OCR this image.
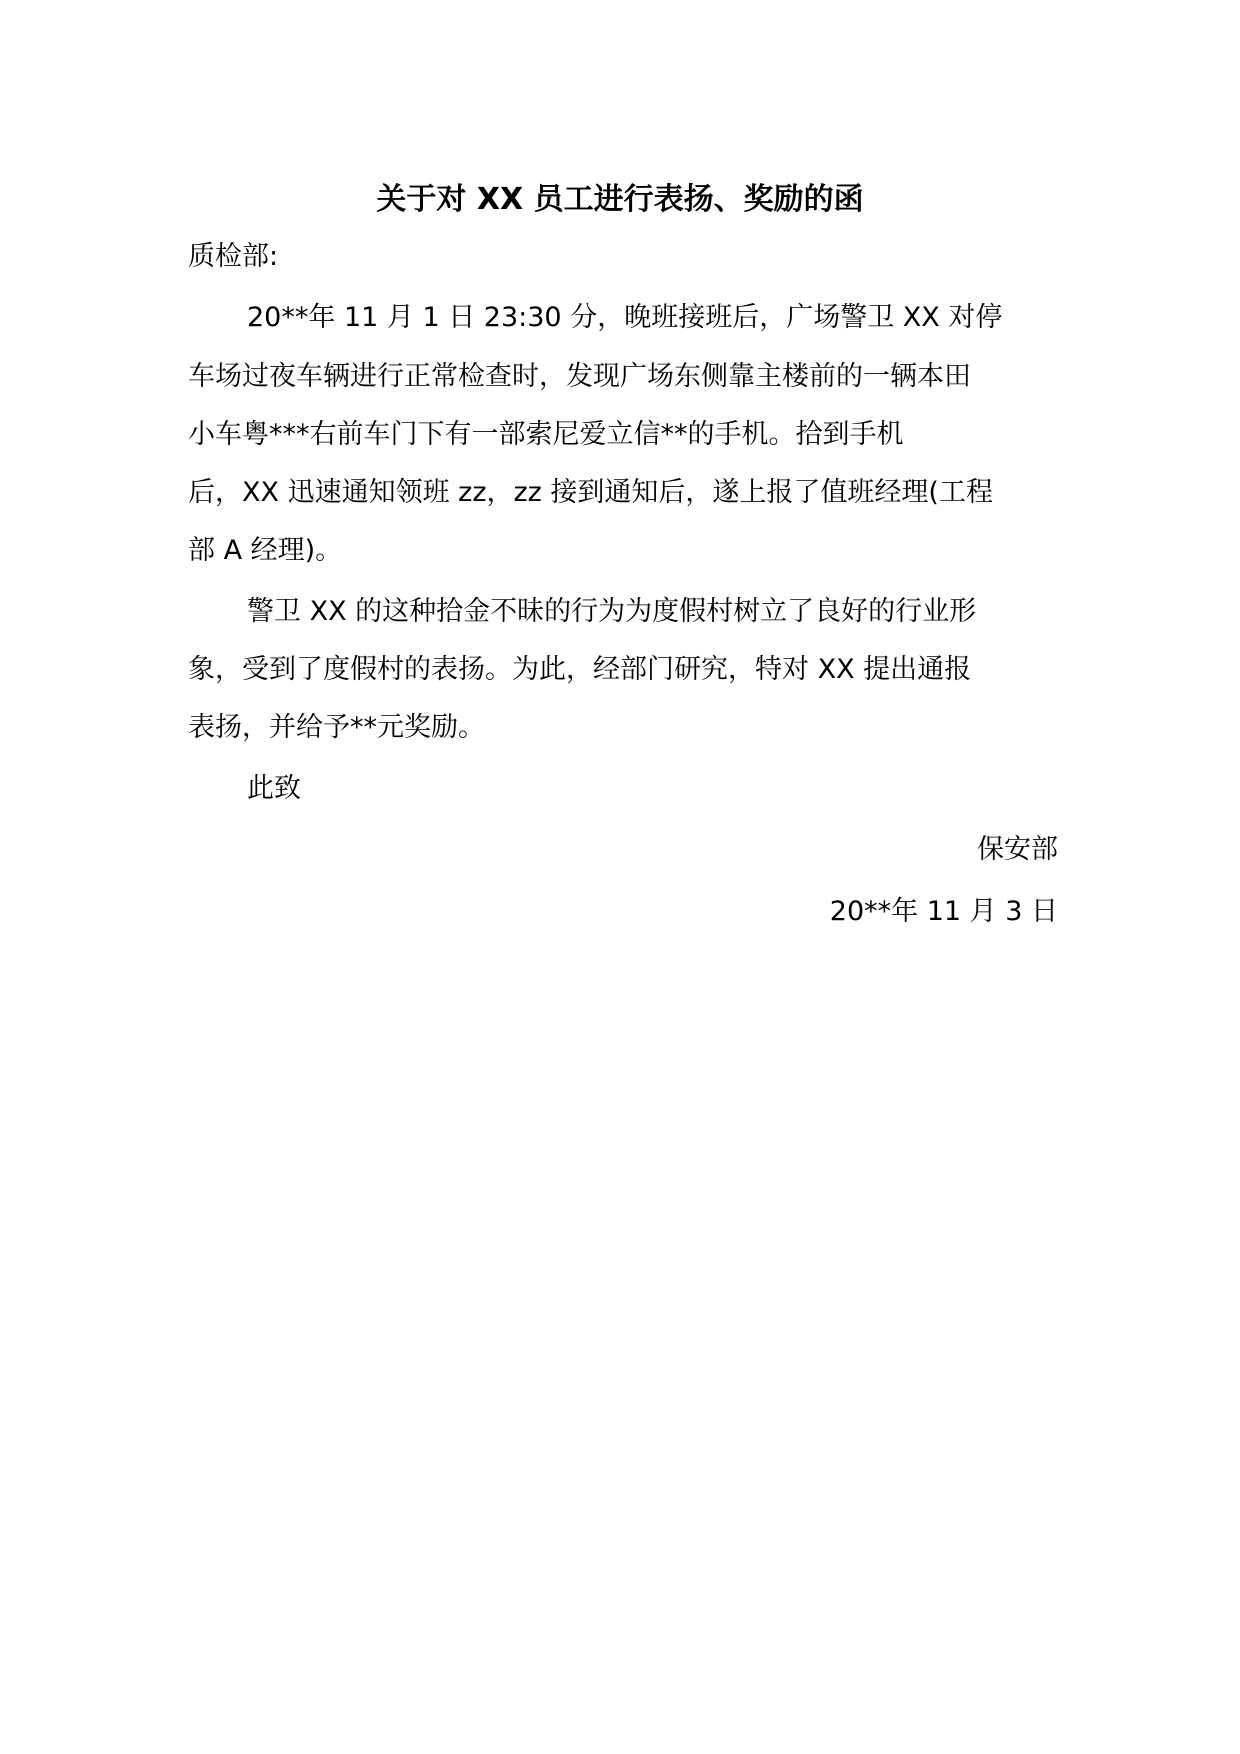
关于对 XX 员工进行表扬、奖励的函
质检部:
20**年 11 月 1 日 23:30 分，晚班接班后，广场警卫 XX 对停
车场过夜车辆进行正常检查时，发现广场东侧靠主楼前的一辆本田
小车粤***右前车门下有一部索尼爱立信**的手机。拾到手机
后，XX 迅速通知领班 zz，zz 接到通知后，遂上报了值班经理(工程
部 A 经理)。
警卫 XX 的这种拾金不昧的行为为度假村树立了良好的行业形
象，受到了度假村的表扬。为此，经部门研究，特对 XX 提出通报
表扬，并给予**元奖励。
此致
保安部
20**年 11 月 3 日
